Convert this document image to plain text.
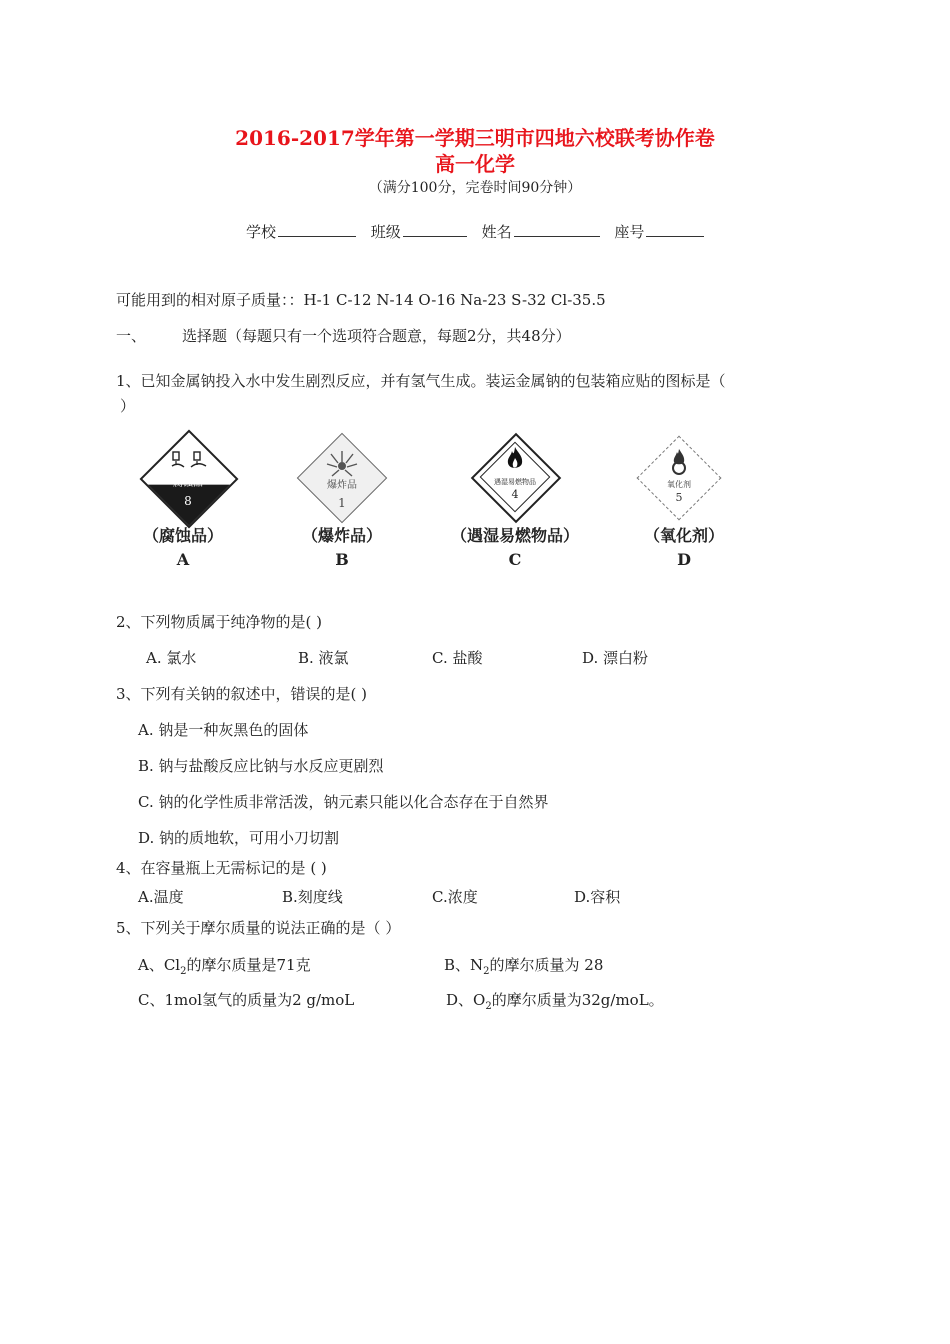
2016-2017学年第一学期三明市四地六校联考协作卷
高一化学
（满分100分，完卷时间90分钟）
学校	班级	姓名	座号
可能用到的相对原子质量：：H-1 C-12 N-14 O-16 Na-23 S-32 Cl-35.5
一、 选择题（每题只有一个选项符合题意，每题2分，共48分）
1、已知金属钠投入水中发生剧烈反应，并有氢气生成。装运金属钠的包装箱应贴的图标是（
）
腐蚀品
8
爆炸品
1
遇湿易燃物品
4
氧化剂
5
（腐蚀品）
A
（爆炸品）
B
（遇湿易燃物品）
C
（氧化剂）
D
2、下列物质属于纯净物的是( )
A. 氯水	B. 液氯	C. 盐酸	D. 漂白粉
3、下列有关钠的叙述中，错误的是( )
A. 钠是一种灰黑色的固体
B. 钠与盐酸反应比钠与水反应更剧烈
C. 钠的化学性质非常活泼，钠元素只能以化合态存在于自然界
D. 钠的质地软，可用小刀切割
4、在容量瓶上无需标记的是 ( )
A.温度	B.刻度线	C.浓度	D.容积
5、下列关于摩尔质量的说法正确的是（ ）
A、$Cl_2$的摩尔质量是71克	B、$N_2$的摩尔质量为 28
C、1mol氢气的质量为2 g/moL	D、$O_2$的摩尔质量为32g/moL。
